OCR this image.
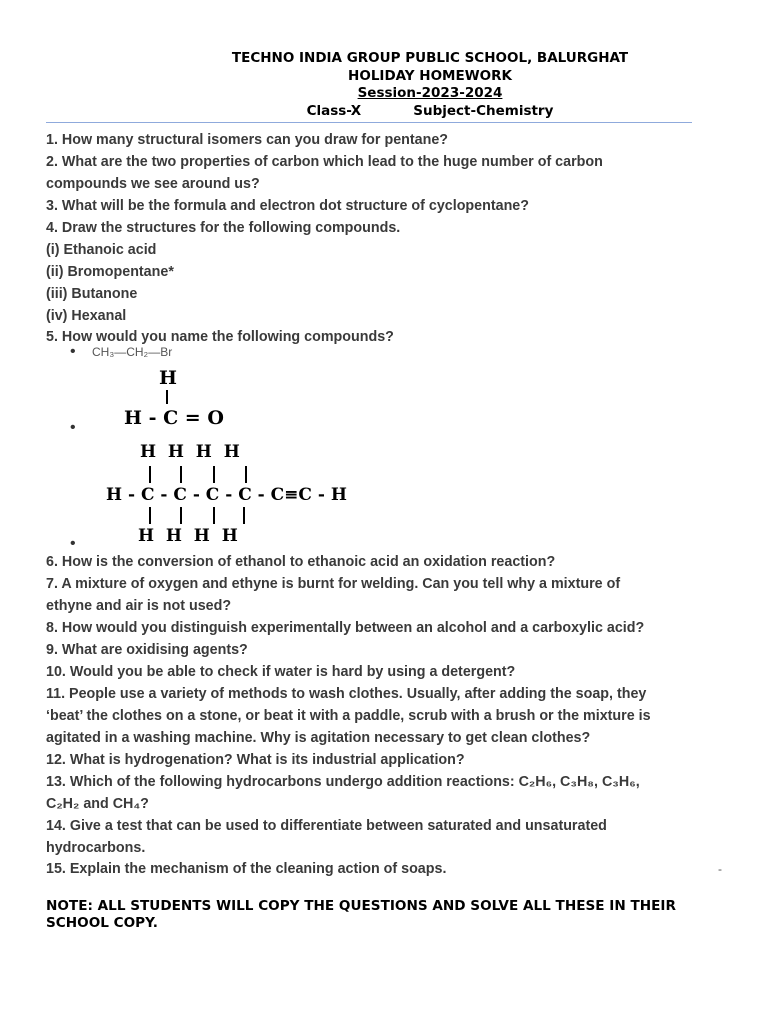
TECHNO INDIA GROUP PUBLIC SCHOOL, BALURGHAT
HOLIDAY HOMEWORK
Session-2023-2024
Class-X	Subject-Chemistry
1. How many structural isomers can you draw for pentane?
2. What are the two properties of carbon which lead to the huge number of carbon
compounds we see around us?
3. What will be the formula and electron dot structure of cyclopentane?
4. Draw the structures for the following compounds.
(i) Ethanoic acid
(ii) Bromopentane*
(iii) Butanone
(iv) Hexanal
5. How would you name the following compounds?
• CH₃—CH₂—Br
•
H
H - C = O
•
H  H  H  H
H - C - C - C - C - C≡C - H
H  H  H  H
6. How is the conversion of ethanol to ethanoic acid an oxidation reaction?
7. A mixture of oxygen and ethyne is burnt for welding. Can you tell why a mixture of
ethyne and air is not used?
8. How would you distinguish experimentally between an alcohol and a carboxylic acid?
9. What are oxidising agents?
10. Would you be able to check if water is hard by using a detergent?
11. People use a variety of methods to wash clothes. Usually, after adding the soap, they
‘beat’ the clothes on a stone, or beat it with a paddle, scrub with a brush or the mixture is
agitated in a washing machine. Why is agitation necessary to get clean clothes?
12. What is hydrogenation? What is its industrial application?
13. Which of the following hydrocarbons undergo addition reactions: C₂H₆, C₃H₈, C₃H₆,
C₂H₂ and CH₄?
14. Give a test that can be used to differentiate between saturated and unsaturated
hydrocarbons.
15. Explain the mechanism of the cleaning action of soaps.	-
NOTE: ALL STUDENTS WILL COPY THE QUESTIONS AND SOLVE ALL THESE IN THEIR
SCHOOL COPY.
